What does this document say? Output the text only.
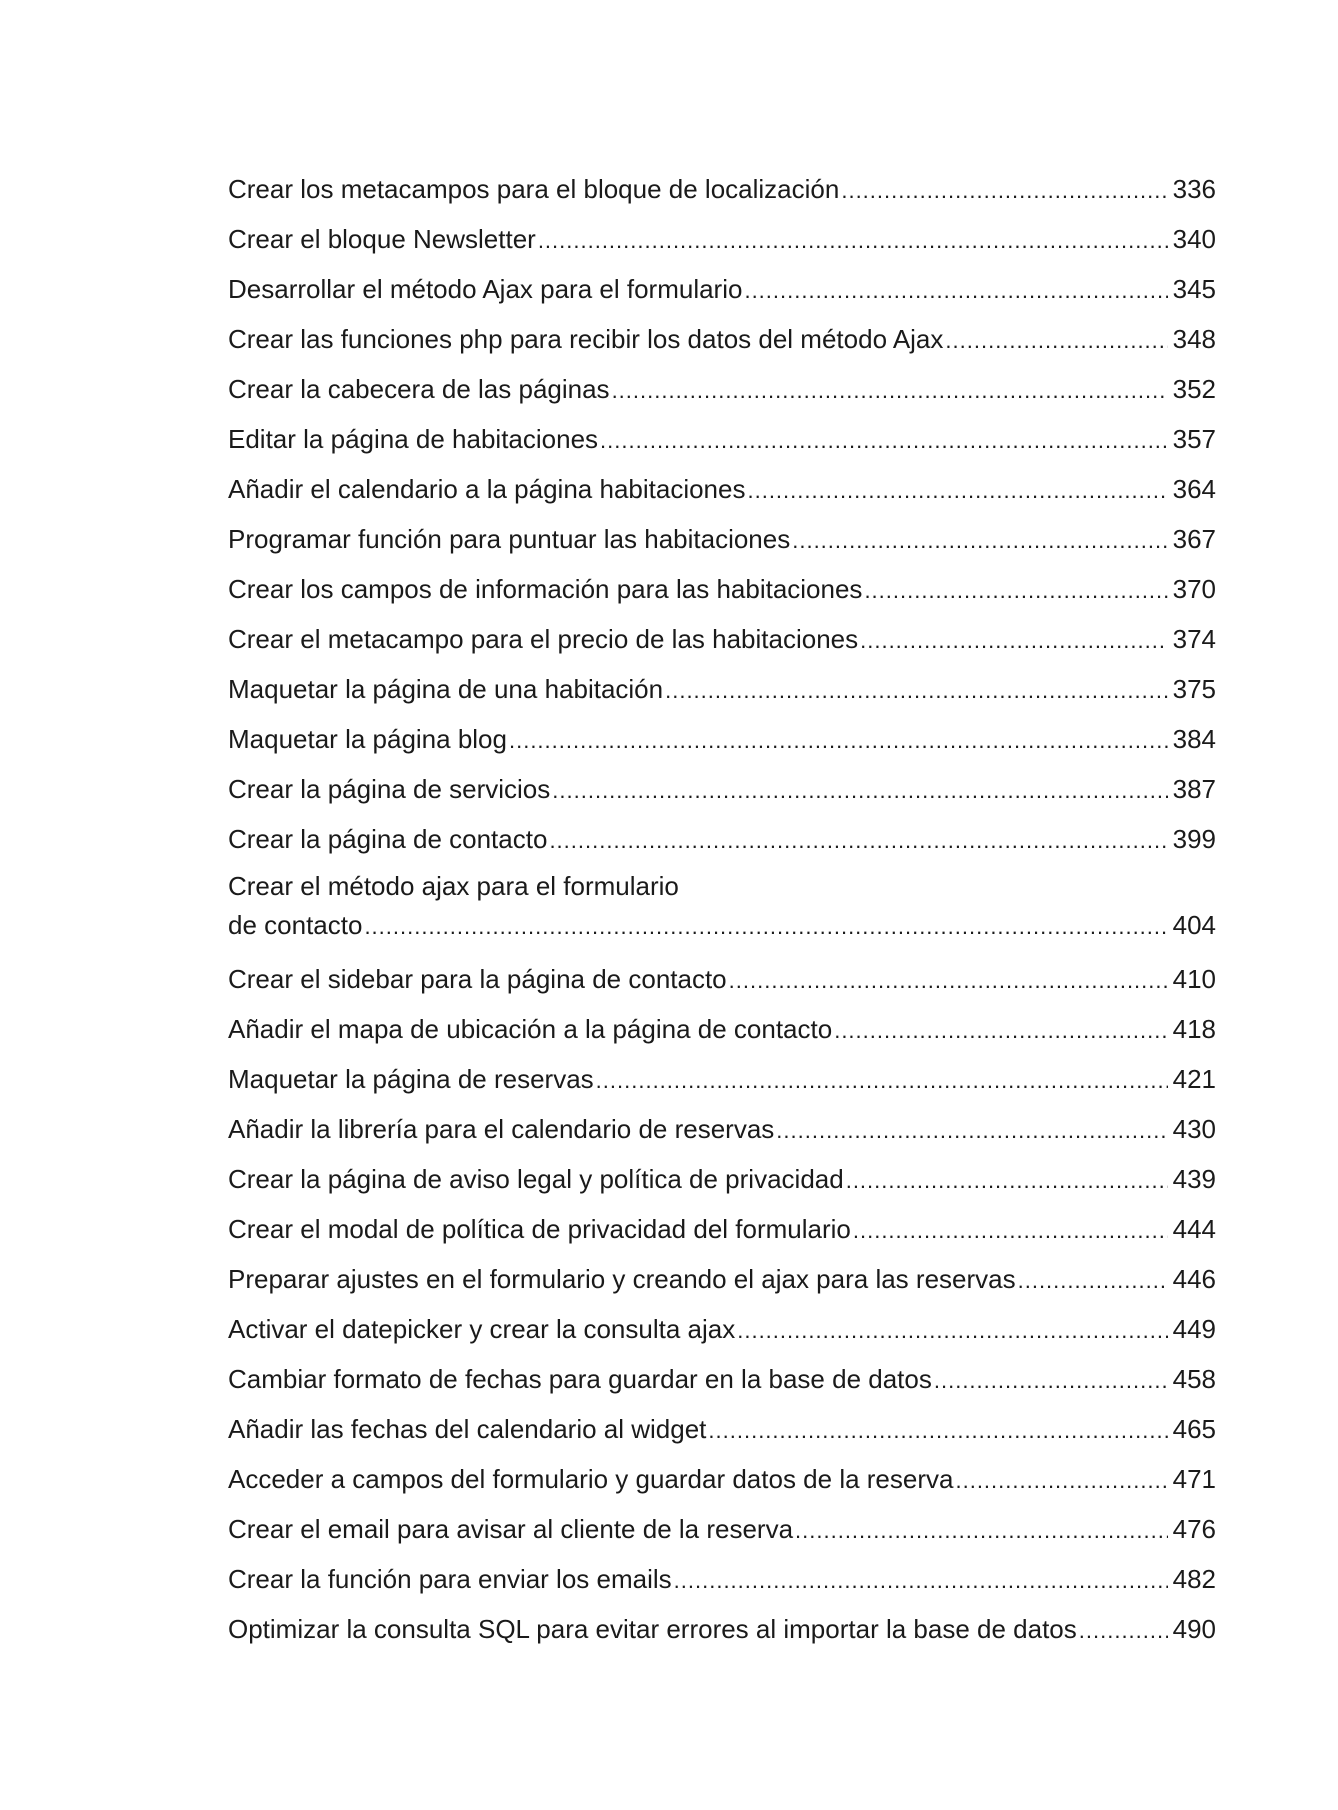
Crear los metacampos para el bloque de localización .....	336
Crear el bloque Newsletter .....	340
Desarrollar el método Ajax para el formulario .....	345
Crear las funciones php para recibir los datos del método Ajax .....	348
Crear la cabecera de las páginas .....	352
Editar la página de habitaciones .....	357
Añadir el calendario a la página habitaciones .....	364
Programar función para puntuar las habitaciones .....	367
Crear los campos de información para las habitaciones .....	370
Crear el metacampo para el precio de las habitaciones .....	374
Maquetar la página de una habitación .....	375
Maquetar la página blog .....	384
Crear la página de servicios .....	387
Crear la página de contacto .....	399
Crear el método ajax para el formulario
de contacto .....	404
Crear el sidebar para la página de contacto .....	410
Añadir el mapa de ubicación a la página de contacto .....	418
Maquetar la página de reservas .....	421
Añadir la librería para el calendario de reservas .....	430
Crear la página de aviso legal y política de privacidad .....	439
Crear el modal de política de privacidad del formulario .....	444
Preparar ajustes en el formulario y creando el ajax para las reservas .....	446
Activar el datepicker y crear la consulta ajax .....	449
Cambiar formato de fechas para guardar en la base de datos .....	458
Añadir las fechas del calendario al widget .....	465
Acceder a campos del formulario y guardar datos de la reserva .....	471
Crear el email para avisar al cliente de la reserva .....	476
Crear la función para enviar los emails .....	482
Optimizar la consulta SQL para evitar errores al importar la base de datos .....	490
